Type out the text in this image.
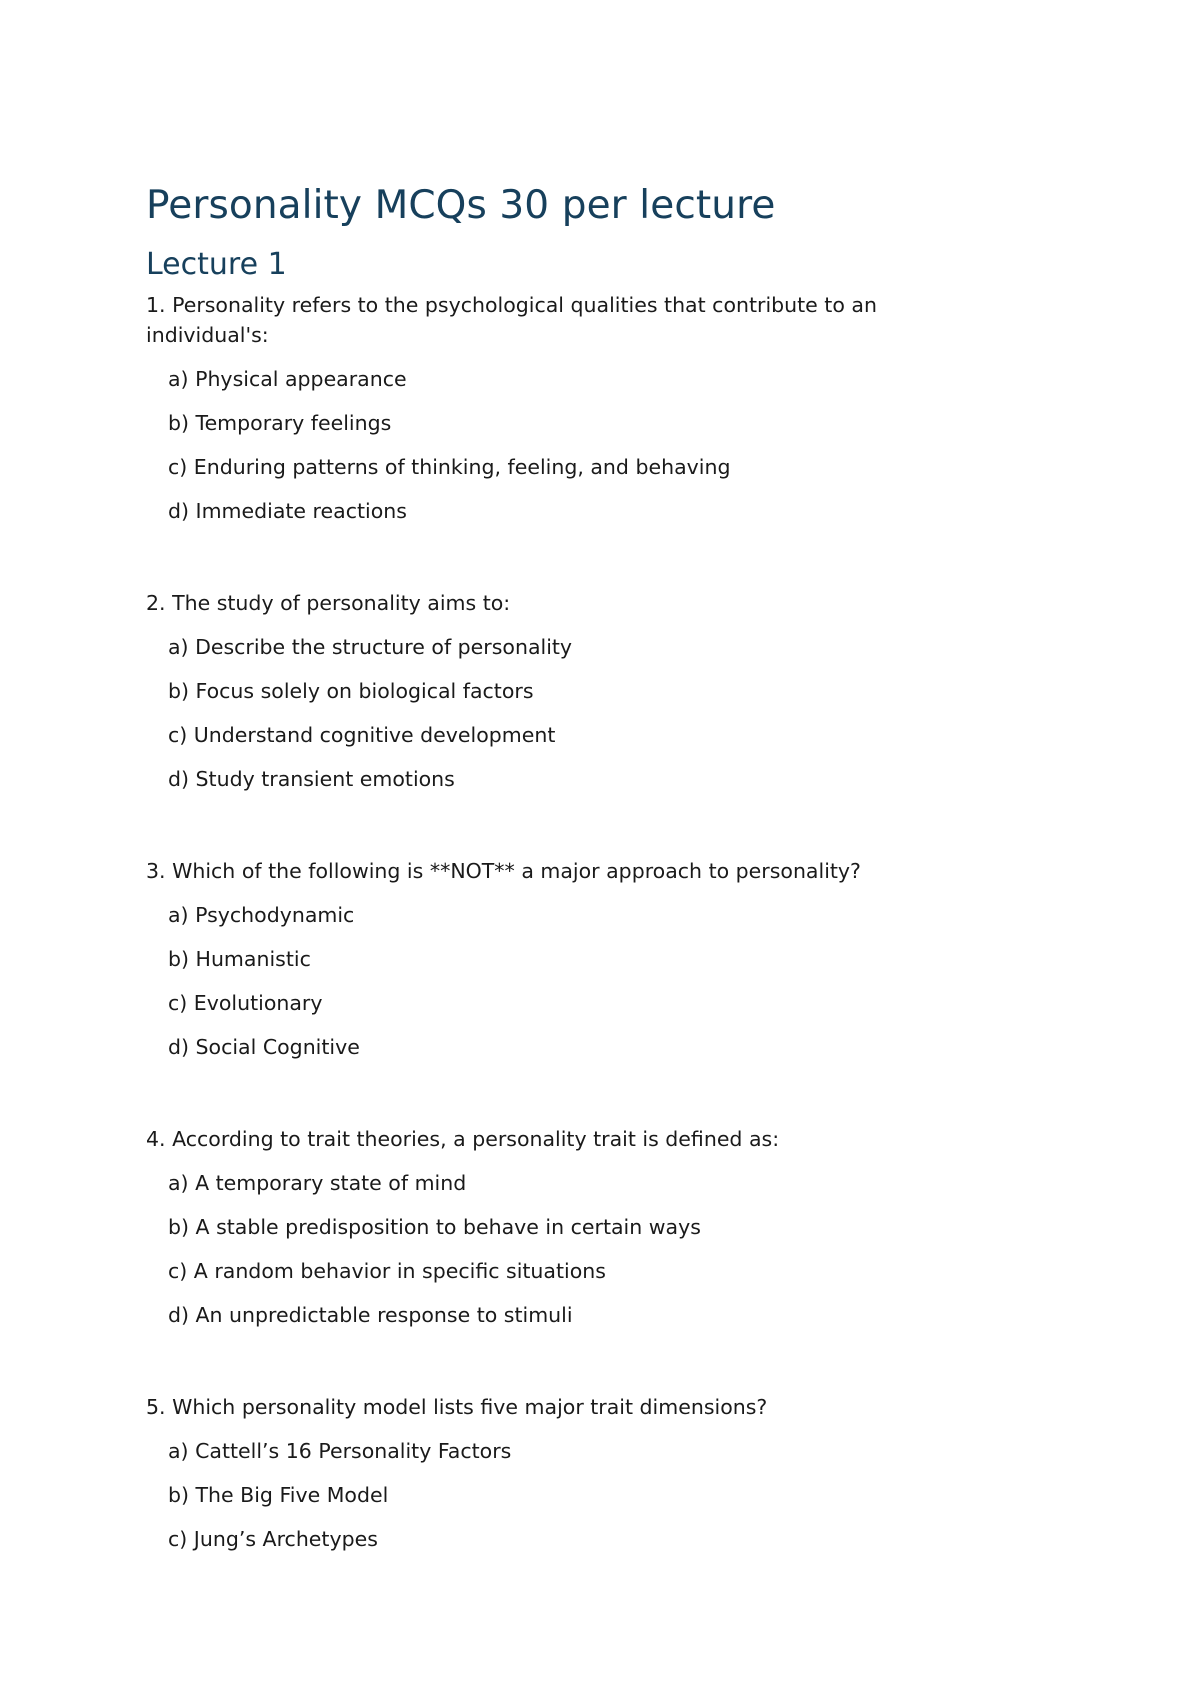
Personality MCQs 30 per lecture
Lecture 1

1. Personality refers to the psychological qualities that contribute to an individual's:

a) Physical appearance
b) Temporary feelings
c) Enduring patterns of thinking, feeling, and behaving
d) Immediate reactions

2. The study of personality aims to:

a) Describe the structure of personality
b) Focus solely on biological factors
c) Understand cognitive development
d) Study transient emotions

3. Which of the following is **NOT** a major approach to personality?

a) Psychodynamic
b) Humanistic
c) Evolutionary
d) Social Cognitive

4. According to trait theories, a personality trait is defined as:

a) A temporary state of mind
b) A stable predisposition to behave in certain ways
c) A random behavior in specific situations
d) An unpredictable response to stimuli

5. Which personality model lists five major trait dimensions?

a) Cattell’s 16 Personality Factors
b) The Big Five Model
c) Jung’s Archetypes
